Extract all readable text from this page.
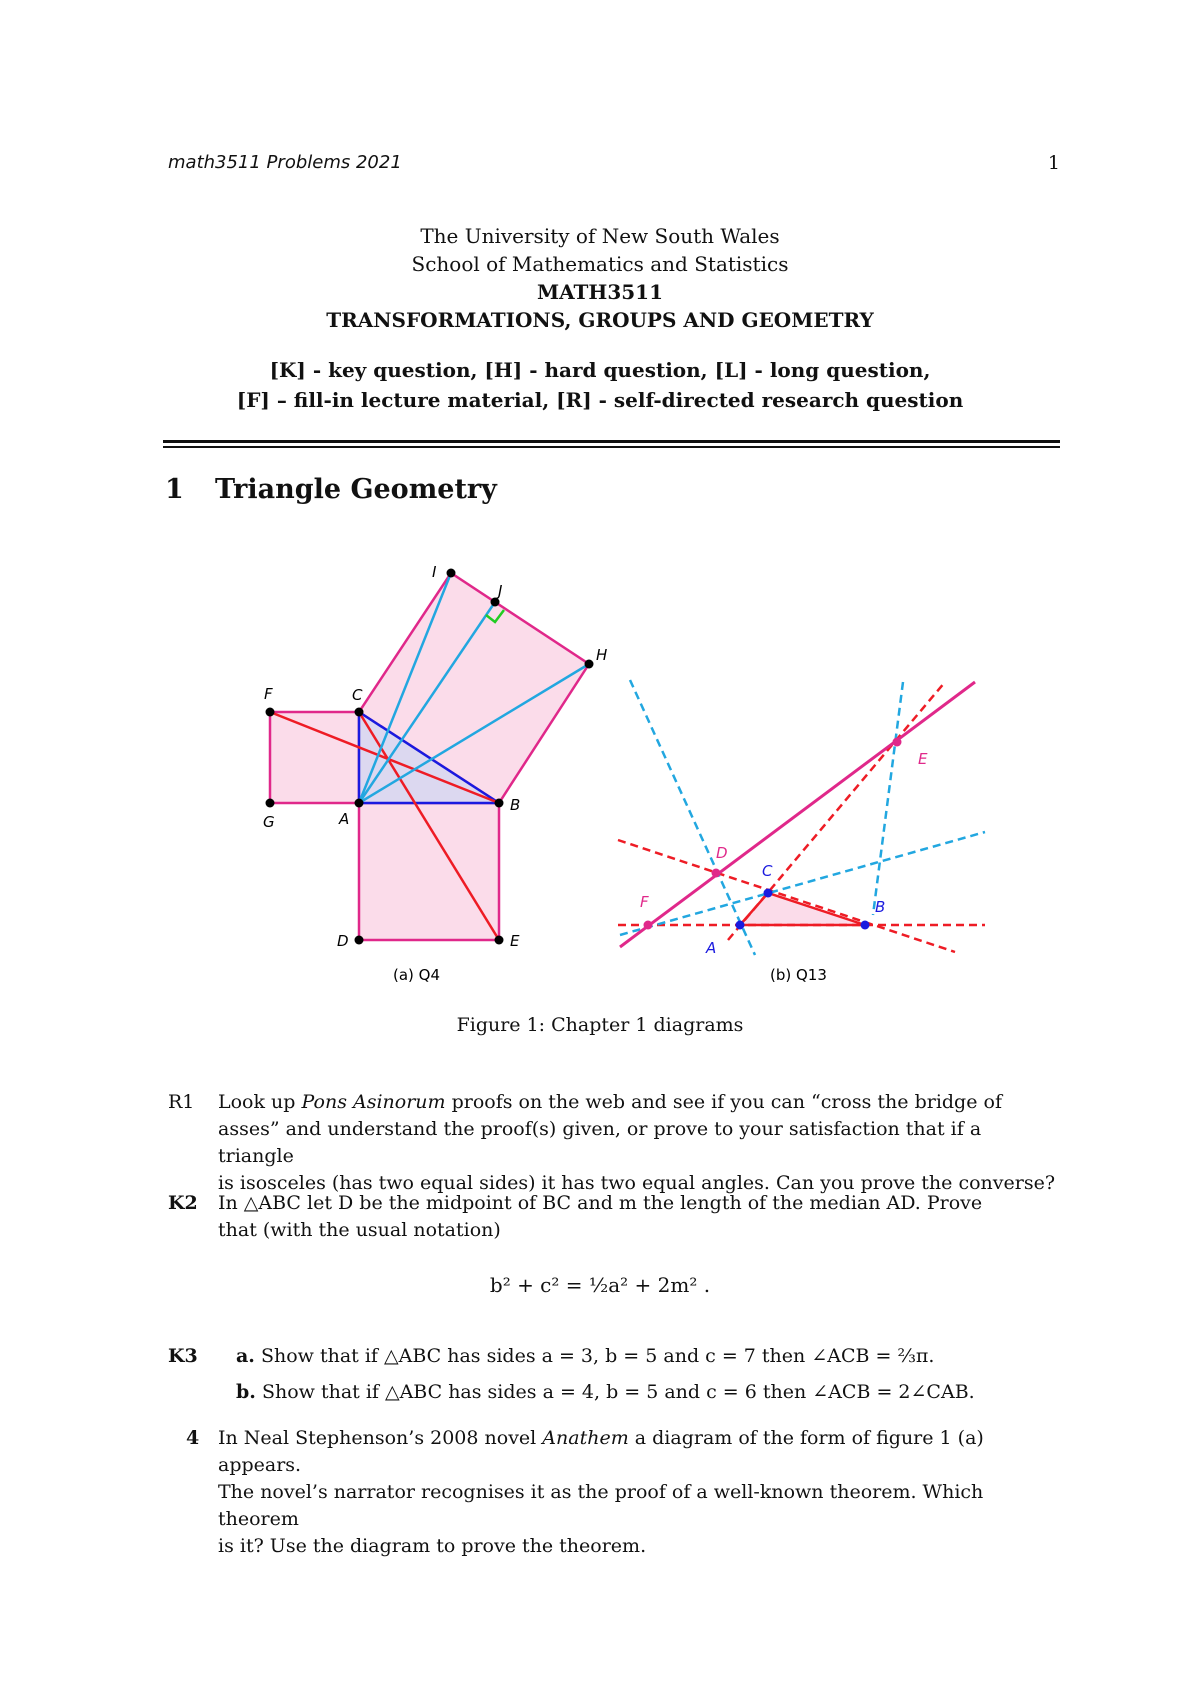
math3511 Problems 2021	1
The University of New South Wales
School of Mathematics and Statistics
MATH3511
TRANSFORMATIONS, GROUPS AND GEOMETRY
[K] - key question, [H] - hard question, [L] - long question,
[F] – fill-in lecture material, [R] - self-directed research question
1 Triangle Geometry
I
J
H
F	C
G	A
B
D	E
(a) Q4
E
D
C
F	B
A
(b) Q13
Figure 1: Chapter 1 diagrams
R1 Look up Pons Asinorum proofs on the web and see if you can “cross the bridge of
asses” and understand the proof(s) given, or prove to your satisfaction that if a triangle
is isosceles (has two equal sides) it has two equal angles. Can you prove the converse?
K2 In △ABC let D be the midpoint of BC and m the length of the median AD. Prove
that (with the usual notation)
b² + c² = ½a² + 2m² .
K3 a. Show that if △ABC has sides a = 3, b = 5 and c = 7 then ∠ACB = ⅔π.
b. Show that if △ABC has sides a = 4, b = 5 and c = 6 then ∠ACB = 2∠CAB.
4 In Neal Stephenson’s 2008 novel Anathem a diagram of the form of figure 1 (a) appears.
The novel’s narrator recognises it as the proof of a well-known theorem. Which theorem
is it? Use the diagram to prove the theorem.
